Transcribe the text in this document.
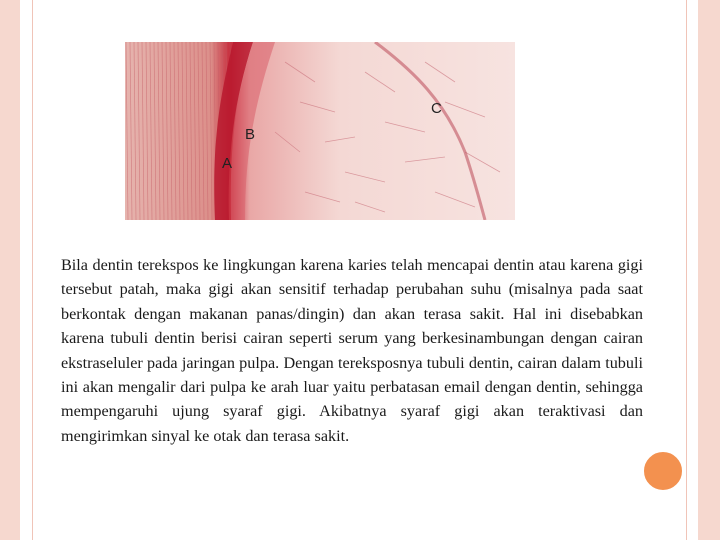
A
B
C

Bila dentin terekspos ke lingkungan karena karies telah mencapai dentin atau karena gigi tersebut patah, maka gigi akan sensitif terhadap perubahan suhu (misalnya pada saat berkontak dengan makanan panas/dingin) dan akan terasa sakit. Hal ini disebabkan karena tubuli dentin berisi cairan seperti serum yang berkesinambungan dengan cairan ekstraseluler pada jaringan pulpa. Dengan tereksposnya tubuli dentin, cairan dalam tubuli ini akan mengalir dari pulpa ke arah luar yaitu perbatasan email dengan dentin, sehingga mempengaruhi ujung syaraf gigi. Akibatnya syaraf gigi akan teraktivasi dan mengirimkan sinyal ke otak dan terasa sakit.
